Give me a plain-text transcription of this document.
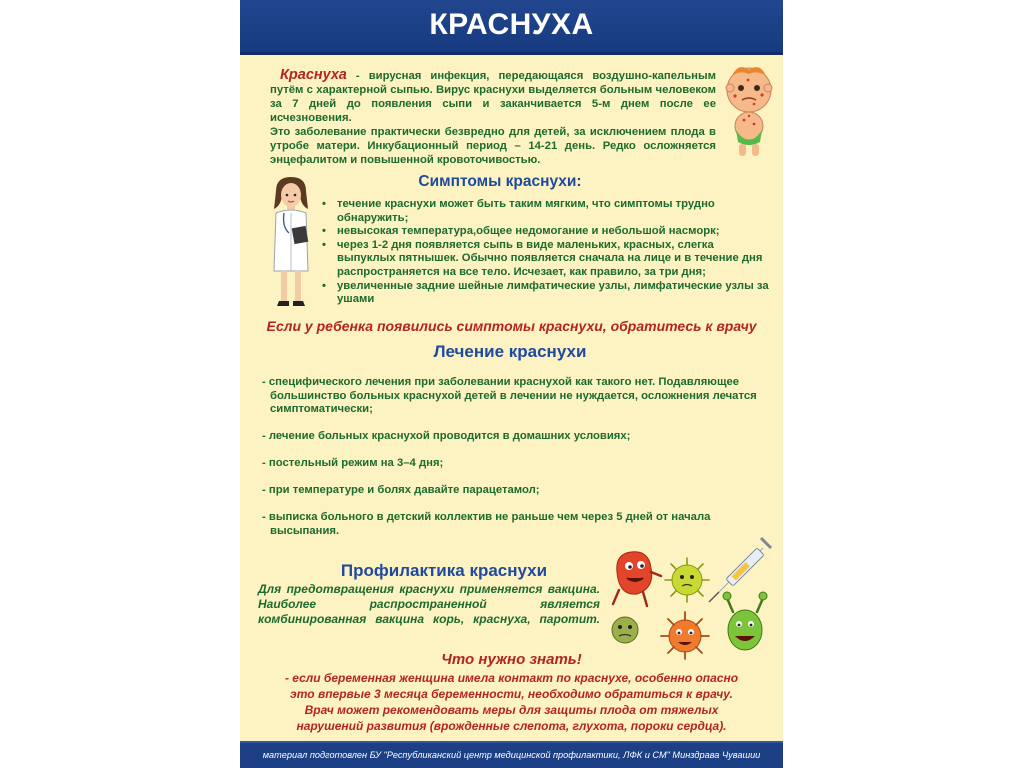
КРАСНУХА

Краснуха - вирусная инфекция, передающаяся воздушно-капельным путём с характерной сыпью. Вирус краснухи выделяется больным человеком за 7 дней до появления сыпи и заканчивается 5-м днем после ее исчезновения.

Это заболевание практически безвредно для детей, за исключением плода в утробе матери. Инкубационный период – 14-21 день. Редко осложняется энцефалитом и повышенной кровоточивостью.

Симптомы краснухи:

• течение краснухи может быть таким мягким, что симптомы трудно обнаружить;
• невысокая температура,общее недомогание и небольшой насморк;
• через 1-2 дня появляется сыпь в виде маленьких, красных, слегка выпуклых пятнышек. Обычно появляется сначала на лице и в течение дня распространяется на все тело. Исчезает, как правило, за три дня;
• увеличенные задние шейные лимфатические узлы, лимфатические узлы за ушами
Если у ребенка появились симптомы краснухи, обратитесь к врачу

Лечение краснухи

- специфического лечения при заболевании краснухой как такого нет. Подавляющее

большинство больных краснухой детей в лечении не нуждается, осложнения лечатся

симптоматически;

- лечение больных краснухой проводится в домашних условиях;

- постельный режим на 3–4 дня;

- при температуре и болях давайте парацетамол;

- выписка больного в детский коллектив не раньше чем через 5 дней от начала

высыпания.

Профилактика краснухи

Для предотвращения краснухи применяется вакцина. Наиболее распространенной является комбинированная вакцина корь, краснуха, паротит.
Что нужно знать!

- если беременная женщина имела контакт по краснухе, особенно опасно

это впервые 3 месяца беременности, необходимо обратиться к врачу.

Врач может рекомендовать меры для защиты плода от тяжелых

нарушений развития (врожденные слепота, глухота, пороки сердца).

материал подготовлен БУ "Республиканский центр медицинской профилактики, ЛФК и СМ" Минздрава Чувашии
